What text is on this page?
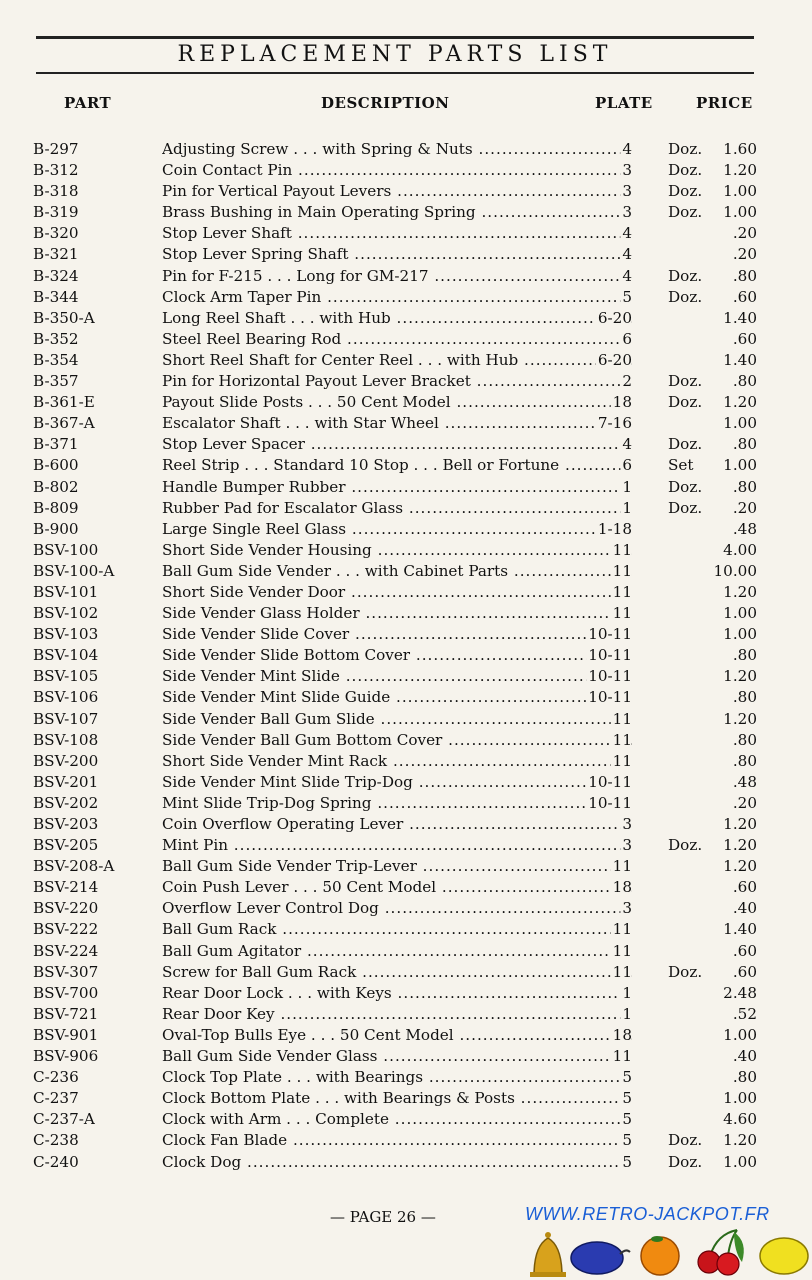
REPLACEMENT PARTS LIST
PART	DESCRIPTION	PLATE	PRICE
B-297	Adjusting Screw . . . with Spring & Nuts .....	4 Doz. 1.60
B-312	Coin Contact Pin .....	3 Doz. 1.20
B-318	Pin for Vertical Payout Levers .....	3 Doz. 1.00
B-319	Brass Bushing in Main Operating Spring .....	3 Doz. 1.00
B-320	Stop Lever Shaft .....	4	.20
B-321	Stop Lever Spring Shaft .....	4	.20
B-324	Pin for F-215 . . . Long for GM-217 .....	4 Doz. .80
B-344	Clock Arm Taper Pin .....	5 Doz. .60
B-350-A	Long Reel Shaft . . . with Hub .....	6-20	1.40
B-352	Steel Reel Bearing Rod .....	6	.60
B-354	Short Reel Shaft for Center Reel . . . with Hub .....	6-20	1.40
B-357	Pin for Horizontal Payout Lever Bracket .....	2 Doz. .80
B-361-E	Payout Slide Posts . . . 50 Cent Model .....	18 Doz. 1.20
B-367-A	Escalator Shaft . . . with Star Wheel .....	7-16	1.00
B-371	Stop Lever Spacer .....	4 Doz. .80
B-600	Reel Strip . . . Standard 10 Stop . . . Bell or Fortune .....	6 Set 1.00
B-802	Handle Bumper Rubber .....	1 Doz. .80
B-809	Rubber Pad for Escalator Glass .....	1 Doz. .20
B-900	Large Single Reel Glass .....	1-18	.48
BSV-100	Short Side Vender Housing .....	11	4.00
BSV-100-A	Ball Gum Side Vender . . . with Cabinet Parts .....	11	10.00
BSV-101	Short Side Vender Door .....	11	1.20
BSV-102	Side Vender Glass Holder .....	11	1.00
BSV-103	Side Vender Slide Cover .....	10-11	1.00
BSV-104	Side Vender Slide Bottom Cover .....	10-11	.80
BSV-105	Side Vender Mint Slide .....	10-11	1.20
BSV-106	Side Vender Mint Slide Guide .....	10-11	.80
BSV-107	Side Vender Ball Gum Slide .....	11	1.20
BSV-108	Side Vender Ball Gum Bottom Cover .....	11	.80
BSV-200	Short Side Vender Mint Rack .....	11	.80
BSV-201	Side Vender Mint Slide Trip-Dog .....	10-11	.48
BSV-202	Mint Slide Trip-Dog Spring .....	10-11	.20
BSV-203	Coin Overflow Operating Lever .....	3	1.20
BSV-205	Mint Pin .....	3 Doz. 1.20
BSV-208-A	Ball Gum Side Vender Trip-Lever .....	11	1.20
BSV-214	Coin Push Lever . . . 50 Cent Model .....	18	.60
BSV-220	Overflow Lever Control Dog .....	3	.40
BSV-222	Ball Gum Rack .....	11	1.40
BSV-224	Ball Gum Agitator .....	11	.60
BSV-307	Screw for Ball Gum Rack .....	11 Doz. .60
BSV-700	Rear Door Lock . . . with Keys .....	1	2.48
BSV-721	Rear Door Key .....	1	.52
BSV-901	Oval-Top Bulls Eye . . . 50 Cent Model .....	18	1.00
BSV-906	Ball Gum Side Vender Glass .....	11	.40
C-236	Clock Top Plate . . . with Bearings .....	5	.80
C-237	Clock Bottom Plate . . . with Bearings & Posts .....	5	1.00
C-237-A	Clock with Arm . . . Complete .....	5	4.60
C-238	Clock Fan Blade .....	5 Doz. 1.20
C-240	Clock Dog .....	5 Doz. 1.00
— PAGE 26 —	WWW.RETRO-JACKPOT.FR
